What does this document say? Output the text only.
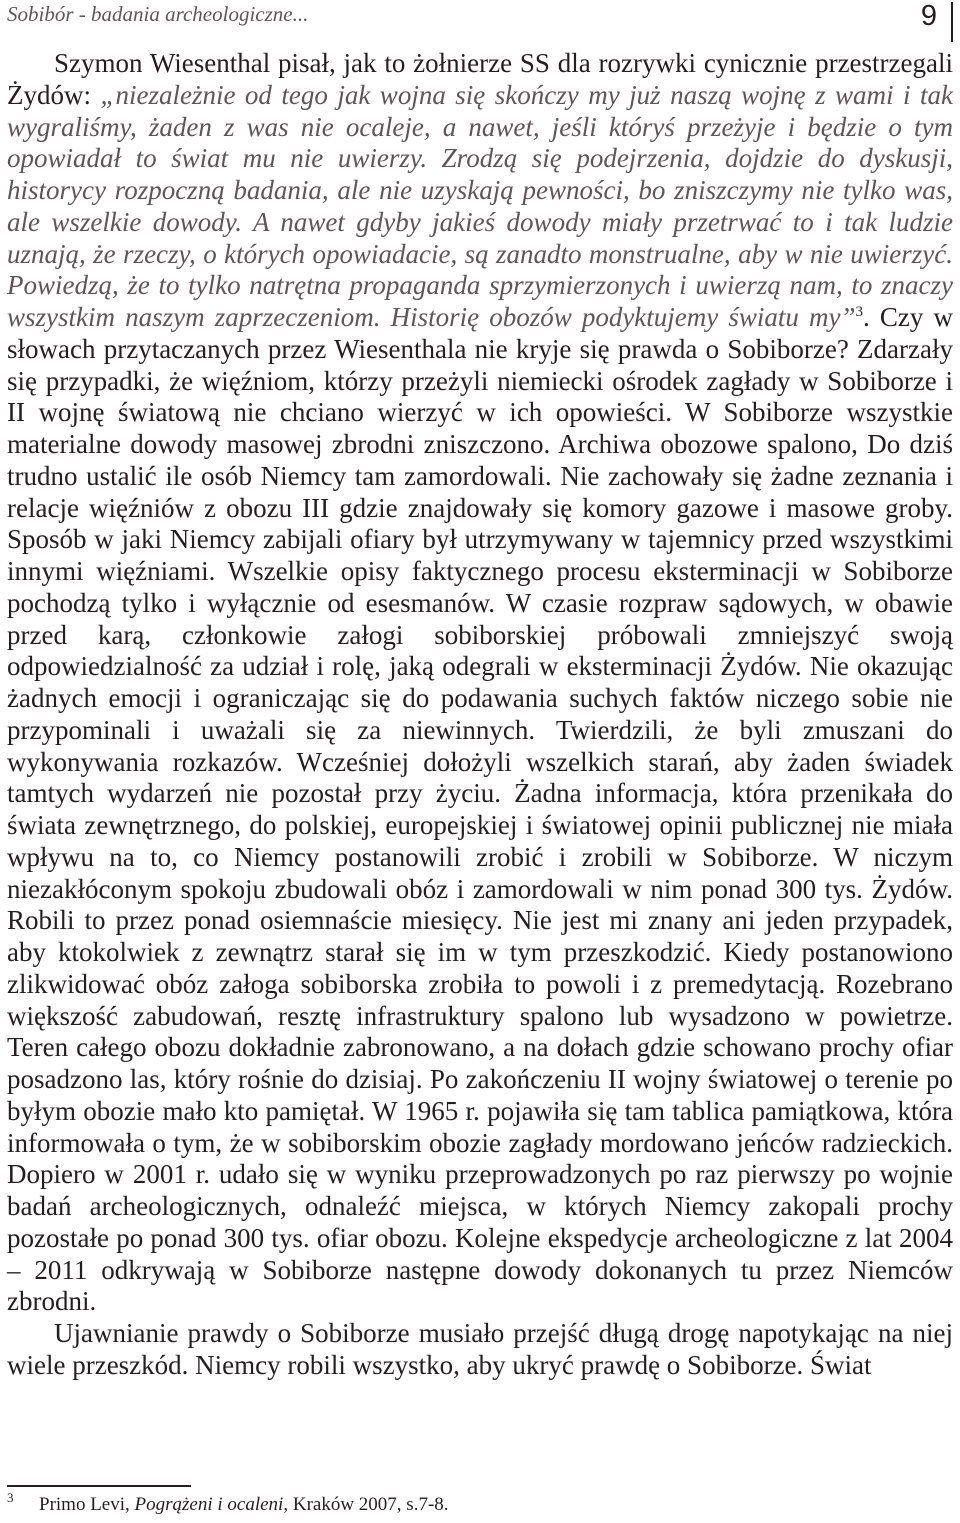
Sobibór - badania archeologiczne...	9

Szymon Wiesenthal pisał, jak to żołnierze SS dla rozrywki cynicznie przestrzegali Żydów: „niezależnie od tego jak wojna się skończy my już naszą wojnę z wami i tak wygraliśmy, żaden z was nie ocaleje, a nawet, jeśli któryś przeżyje i będzie o tym opowiadał to świat mu nie uwierzy. Zrodzą się podejrzenia, dojdzie do dyskusji, historycy rozpoczną badania, ale nie uzyskają pewności, bo zniszczymy nie tylko was, ale wszelkie dowody. A nawet gdyby jakieś dowody miały przetrwać to i tak ludzie uznają, że rzeczy, o których opowiadacie, są zanadto monstrualne, aby w nie uwierzyć. Powiedzą, że to tylko natrętna propaganda sprzymierzonych i uwierzą nam, to znaczy wszystkim naszym zaprzeczeniom. Historię obozów podyktujemy światu my”$^3$. Czy w słowach przytaczanych przez Wiesenthala nie kryje się prawda o Sobiborze? Zdarzały się przypadki, że więźniom, którzy przeżyli niemiecki ośrodek zagłady w Sobiborze i II wojnę światową nie chciano wierzyć w ich opowieści. W Sobiborze wszystkie materialne dowody masowej zbrodni zniszczono. Archiwa obozowe spalono, Do dziś trudno ustalić ile osób Niemcy tam zamordowali. Nie zachowały się żadne zeznania i relacje więźniów z obozu III gdzie znajdowały się komory gazowe i masowe groby. Sposób w jaki Niemcy zabijali ofiary był utrzymywany w tajemnicy przed wszystkimi innymi więźniami. Wszelkie opisy faktycznego procesu eksterminacji w Sobiborze pochodzą tylko i wyłącznie od esesmanów. W czasie rozpraw sądowych, w obawie przed karą, członkowie załogi sobiborskiej próbowali zmniejszyć swoją odpowiedzialność za udział i rolę, jaką odegrali w eksterminacji Żydów. Nie okazując żadnych emocji i ograniczając się do podawania suchych faktów niczego sobie nie przypominali i uważali się za niewinnych. Twierdzili, że byli zmuszani do wykonywania rozkazów. Wcześniej dołożyli wszelkich starań, aby żaden świadek tamtych wydarzeń nie pozostał przy życiu. Żadna informacja, która przenikała do świata zewnętrznego, do polskiej, europejskiej i światowej opinii publicznej nie miała wpływu na to, co Niemcy postanowili zrobić i zrobili w Sobiborze. W niczym niezakłóconym spokoju zbudowali obóz i zamordowali w nim ponad 300 tys. Żydów. Robili to przez ponad osiemnaście miesięcy. Nie jest mi znany ani jeden przypadek, aby ktokolwiek z zewnątrz starał się im w tym przeszkodzić. Kiedy postanowiono zlikwidować obóz załoga sobiborska zrobiła to powoli i z premedytacją. Rozebrano większość zabudowań, resztę infrastruktury spalono lub wysadzono w powietrze. Teren całego obozu dokładnie zabronowano, a na dołach gdzie schowano prochy ofiar posadzono las, który rośnie do dzisiaj. Po zakończeniu II wojny światowej o terenie po byłym obozie mało kto pamiętał. W 1965 r. pojawiła się tam tablica pamiątkowa, która informowała o tym, że w sobiborskim obozie zagłady mordowano jeńców radzieckich. Dopiero w 2001 r. udało się w wyniku przeprowadzonych po raz pierwszy po wojnie badań archeologicznych, odnaleźć miejsca, w których Niemcy zakopali prochy pozostałe po ponad 300 tys. ofiar obozu. Kolejne ekspedycje archeologiczne z lat 2004 – 2011 odkrywają w Sobiborze następne dowody dokonanych tu przez Niemców zbrodni.

Ujawnianie prawdy o Sobiborze musiało przejść długą drogę napotykając na niej wiele przeszkód. Niemcy robili wszystko, aby ukryć prawdę o Sobiborze. Świat

3 Primo Levi, Pogrążeni i ocaleni, Kraków 2007, s.7-8.
